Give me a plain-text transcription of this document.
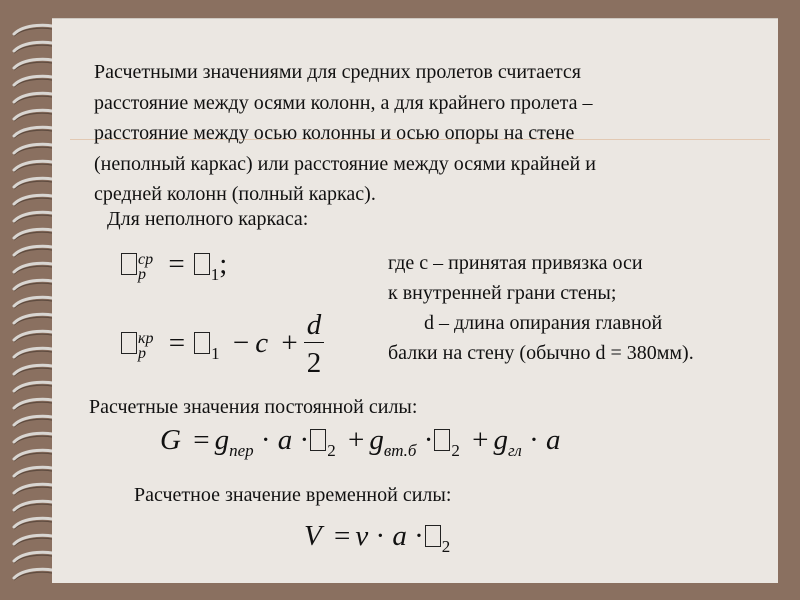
Расчетными значениями для средних пролетов считается
расстояние между осями колонн, а для крайнего пролета –
расстояние между осью колонны и осью опоры на стене
(неполный каркас) или расстояние между осями крайней и
средней колонн (полный каркас).
Для неполного каркаса:
ср
р = $_1$;
кр
$р = _1 - c + \frac{d}{2}$
где c – принятая привязка оси
к внутренней грани стены;
d – длина опирания главной
балки на стену (обычно d = 380мм).
Расчетные значения постоянной силы:
$G = g_{пер} \cdot a \cdot _2 + g_{вт.б} \cdot _2 + g_{гл} \cdot a$
Расчетное значение временной силы:
V = v · a · $_2$
